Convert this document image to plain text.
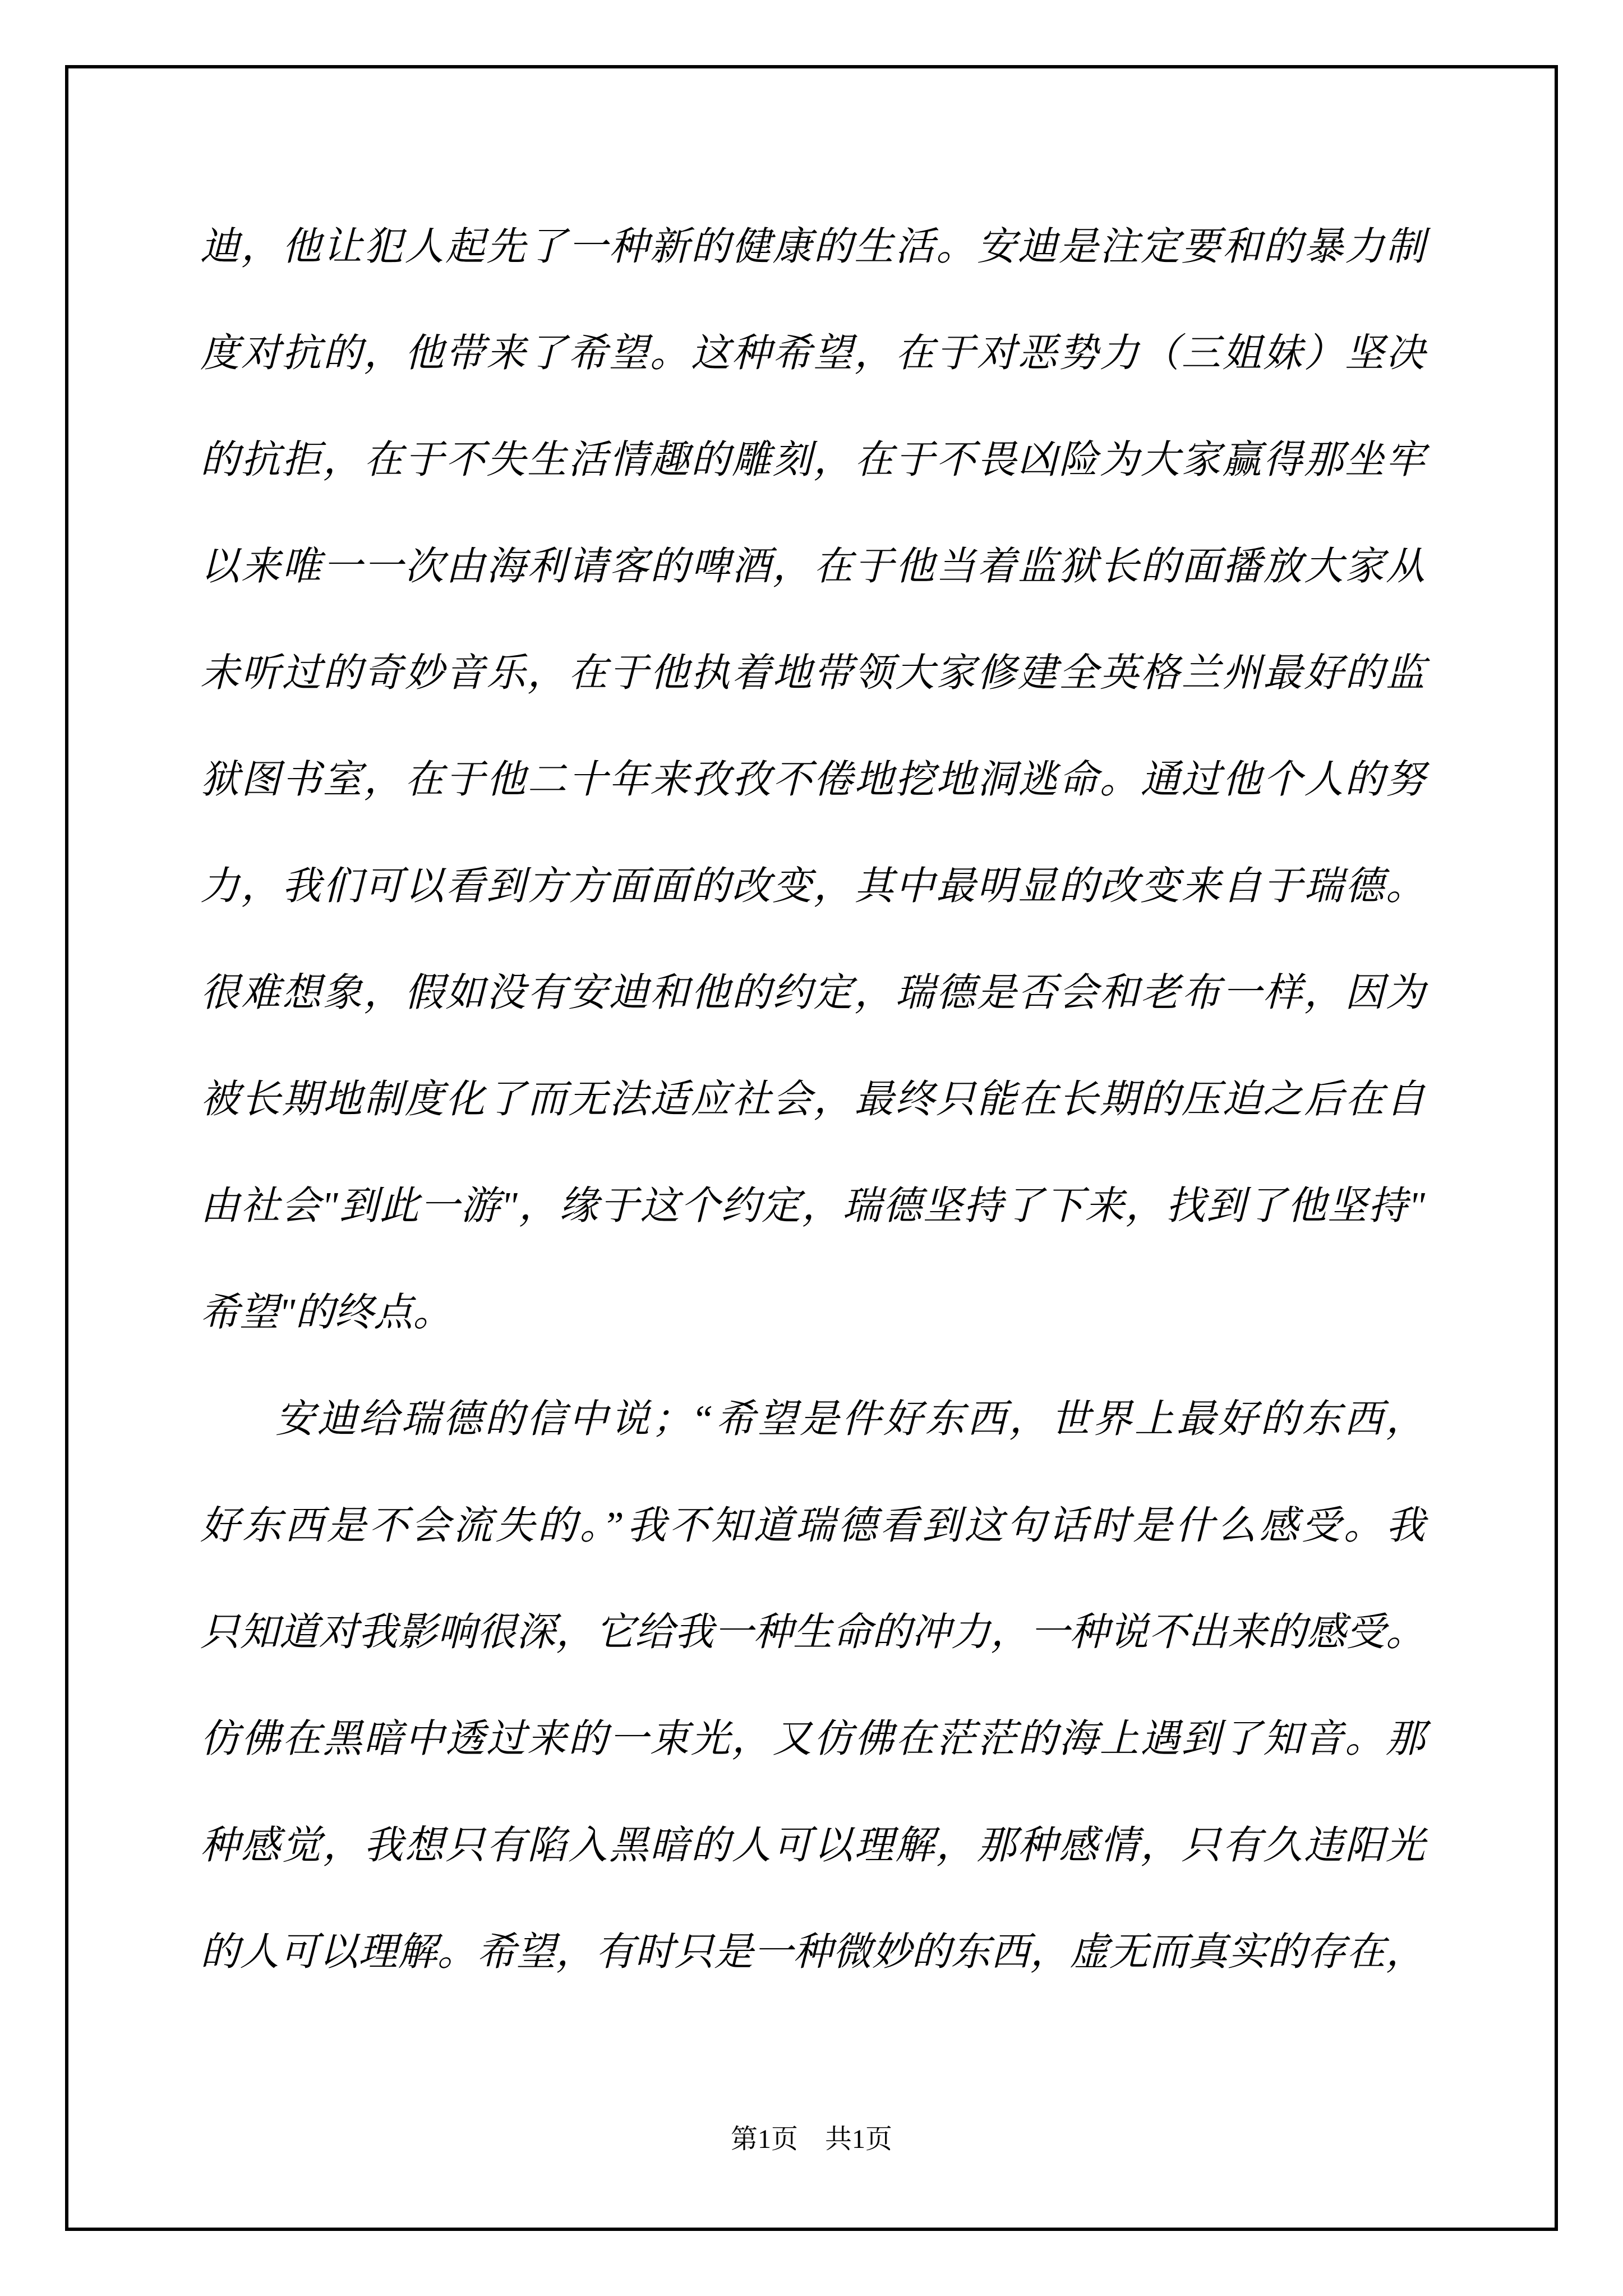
迪，他让犯人起先了一种新的健康的生活。安迪是注定要和的暴力制
度对抗的，他带来了希望。这种希望，在于对恶势力（三姐妹）坚决
的抗拒，在于不失生活情趣的雕刻，在于不畏凶险为大家赢得那坐牢
以来唯一一次由海利请客的啤酒，在于他当着监狱长的面播放大家从
未听过的奇妙音乐，在于他执着地带领大家修建全英格兰州最好的监
狱图书室，在于他二十年来孜孜不倦地挖地洞逃命。通过他个人的努
力，我们可以看到方方面面的改变，其中最明显的改变来自于瑞德。
很难想象，假如没有安迪和他的约定，瑞德是否会和老布一样，因为
被长期地制度化了而无法适应社会，最终只能在长期的压迫之后在自
由社会"到此一游"，缘于这个约定，瑞德坚持了下来，找到了他坚持"
希望"的终点。
安迪给瑞德的信中说；“希望是件好东西，世界上最好的东西，
好东西是不会流失的。”我不知道瑞德看到这句话时是什么感受。我
只知道对我影响很深，它给我一种生命的冲力，一种说不出来的感受。
仿佛在黑暗中透过来的一束光，又仿佛在茫茫的海上遇到了知音。那
种感觉，我想只有陷入黑暗的人可以理解，那种感情，只有久违阳光
的人可以理解。希望，有时只是一种微妙的东西，虚无而真实的存在，
第1页　共1页
